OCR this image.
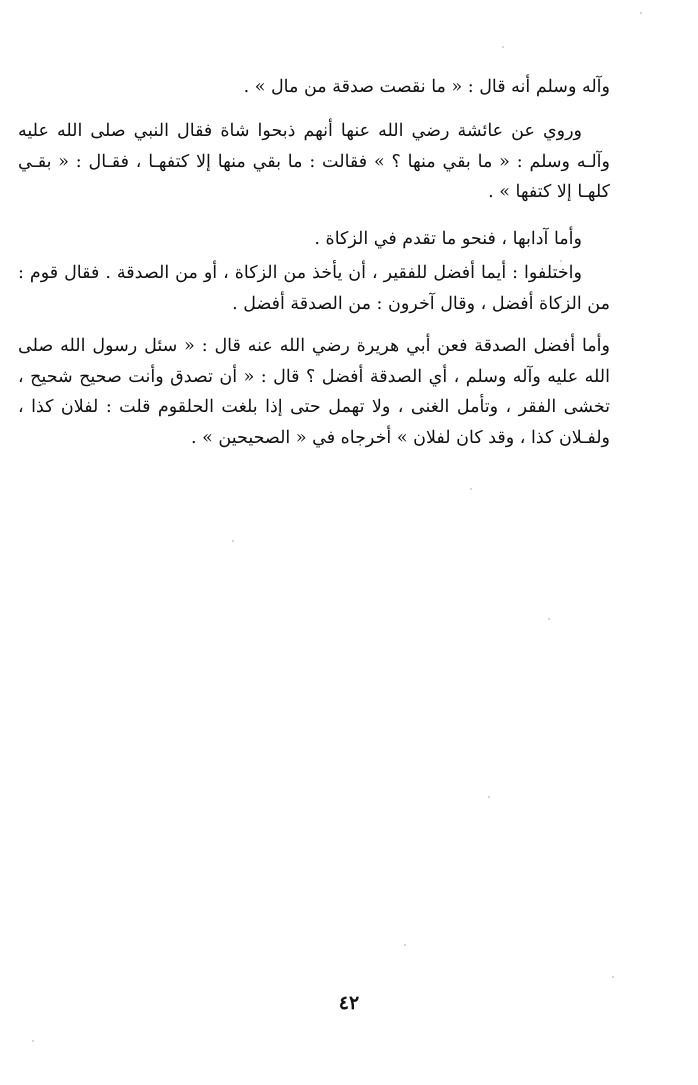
وآله وسلم أنه قال : « ما نقصت صدقة من مال » .

وروي عن عائشة رضي الله عنها أنهم ذبحوا شاة فقال النبي صلى الله عليه وآلـه وسلم : « ما بقي منها ؟ » فقالت : ما بقي منها إلا كتفهـا ، فقـال : « بقـي كلهـا إلا كتفها » .

وأما آدابها ، فنحو ما تقدم في الزكاة .

واختلفوا : أيما أفضل للفقير ، أن يأخذ من الزكاة ، أو من الصدقة . فقال قوم : من الزكاة أفضل ، وقال آخرون : من الصدقة أفضل .

وأما أفضل الصدقة فعن أبي هريرة رضي الله عنه قال : « سئل رسول الله صلى الله عليه وآله وسلم ، أي الصدقة أفضل ؟ قال : « أن تصدق وأنت صحيح شحيح ، تخشى الفقر ، وتأمل الغنى ، ولا تهمل حتى إذا بلغت الحلقوم قلت : لفلان كذا ، ولفـلان كذا ، وقد كان لفلان » أخرجاه في « الصحيحين » .

٤٢
